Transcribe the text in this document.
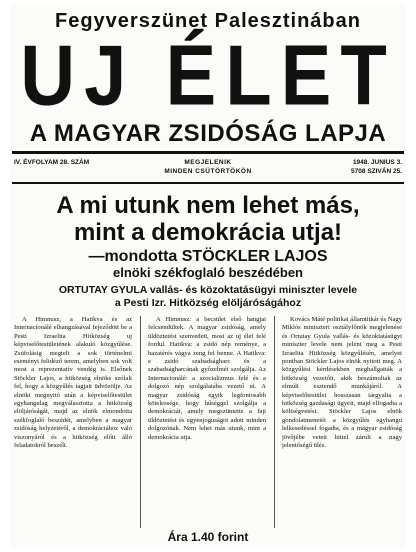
Fegyverszünet Palesztinában
UJ ÉLET
A MAGYAR ZSIDÓSÁG LAPJA
IV. ÉVFOLYAM 28. SZÁM	MEGJELENIK
MINDEN CSÜTÖRTÖKÖN
1948. JUNIUS 3.
5708 SZIVÁN 25.
A mi utunk nem lehet más,
mint a demokrácia utja!
—mondotta STÖCKLER LAJOS
elnöki székfoglaló beszédében
ORTUTAY GYULA vallás- és közoktatásügyi miniszter levele
a Pesti Izr. Hitközség elöljáróságához

A Himnusz, a Hatikva és az Internacionálé elhangzásával fejeződött be a Pesti Izraelita Hitközség uj képviselőtestületének alakuló közgyűlése. Zsúfolásig megtelt a sok történelmi eseményt felidéző terem, amelyben sok volt most a reprezentatív vendég is. Elsőnek Stöckler Lajos, a hitközség elnöke szólalt fel, hogy a közgyűlés tagjait üdvözölje. Az elnöki megnyitó után a képviselőtestület egyhangulag megválasztotta a hitközség elöljáróságát, majd az elnök elmondotta székfoglaló beszédét, amelyben a magyar zsidóság helyzetéről, a demokráciához való viszonyáról és a hitközség előtt álló feladatokról beszélt.

A Himnusz: a becsület első hangjai felcsendültek. A magyar zsidóság, amely üldöztetést szenvedett, most az uj élet felé fordul. Hatikva: a zsidó nép reménye, a hazatérés vágya zeng fel benne. A Hatikva: e zsidó szabadságharc és a szabadságharcának győzelmét szolgálja. Az Internacionálé: a szocializmus felé és a dolgozó nép szolgálatába vezető ut. A magyar zsidóság egyik legfontosabb kötelessége, hogy hűséggel szolgálja a demokráciát, amely megszüntette a faji üldöztetést és egyenjoguságot adott minden dolgozónak. Nem lehet más utunk, mint a demokrácia utja.

Kovács Máté politikai államtitkár és Nagy Miklós miniszteri osztályfőnök megjelenése és Ortutay Gyula vallás- és közoktatásügyi miniszter levele nem jelent meg a Pesti Izraelita Hitközség közgyűlésén, amelyet pontban Stöckler Lajos elnök nyitott meg. A közgyűlési kérdésekben meghallgatták a hitközség vezetőit, akik beszámoltak az elmúlt esztendő munkájáról. A képviselőtestület hosszasan tárgyalta a hitközség gazdasági ügyeit, majd elfogadta a költségvetést. Stöckler Lajos elnök gondolatmenetét a közgyűlés egyhangu lelkesedéssel fogadta, és a magyar zsidóság jövőjébe vetett hittel zárult a nagy jelentőségű ülés.

Ára 1.40 forint
